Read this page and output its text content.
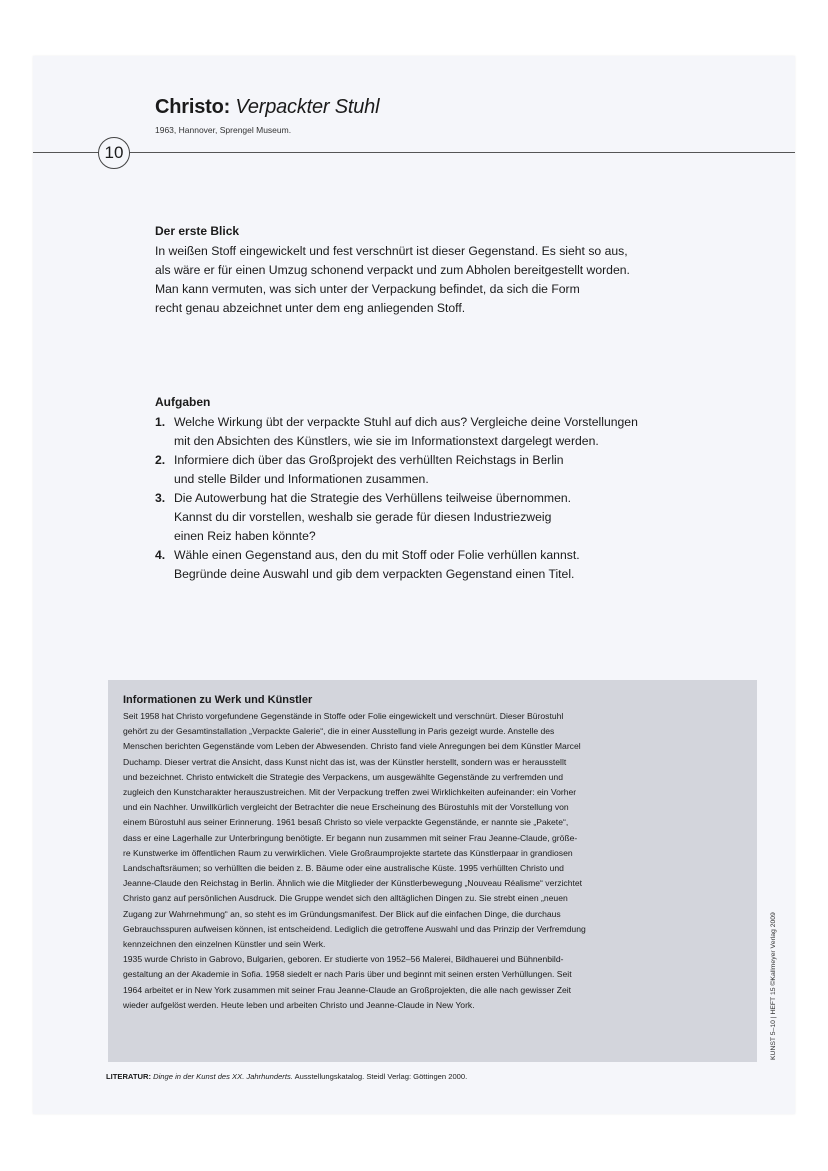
Christo: Verpackter Stuhl
1963, Hannover, Sprengel Museum.
10
Der erste Blick
In weißen Stoff eingewickelt und fest verschnürt ist dieser Gegenstand. Es sieht so aus,
als wäre er für einen Umzug schonend verpackt und zum Abholen bereitgestellt worden.
Man kann vermuten, was sich unter der Verpackung befindet, da sich die Form
recht genau abzeichnet unter dem eng anliegenden Stoff.
Aufgaben
1. Welche Wirkung übt der verpackte Stuhl auf dich aus? Vergleiche deine Vorstellungen
mit den Absichten des Künstlers, wie sie im Informationstext dargelegt werden.
2. Informiere dich über das Großprojekt des verhüllten Reichstags in Berlin
und stelle Bilder und Informationen zusammen.
3. Die Autowerbung hat die Strategie des Verhüllens teilweise übernommen.
Kannst du dir vorstellen, weshalb sie gerade für diesen Industriezweig
einen Reiz haben könnte?
4. Wähle einen Gegenstand aus, den du mit Stoff oder Folie verhüllen kannst.
Begründe deine Auswahl und gib dem verpackten Gegenstand einen Titel.
Informationen zu Werk und Künstler
Seit 1958 hat Christo vorgefundene Gegenstände in Stoffe oder Folie eingewickelt und verschnürt. Dieser Bürostuhl
gehört zu der Gesamtinstallation „Verpackte Galerie“, die in einer Ausstellung in Paris gezeigt wurde. Anstelle des
Menschen berichten Gegenstände vom Leben der Abwesenden. Christo fand viele Anregungen bei dem Künstler Marcel
Duchamp. Dieser vertrat die Ansicht, dass Kunst nicht das ist, was der Künstler herstellt, sondern was er herausstellt
und bezeichnet. Christo entwickelt die Strategie des Verpackens, um ausgewählte Gegenstände zu verfremden und
zugleich den Kunstcharakter herauszustreichen. Mit der Verpackung treffen zwei Wirklichkeiten aufeinander: ein Vorher
und ein Nachher. Unwillkürlich vergleicht der Betrachter die neue Erscheinung des Bürostuhls mit der Vorstellung von
einem Bürostuhl aus seiner Erinnerung. 1961 besaß Christo so viele verpackte Gegenstände, er nannte sie „Pakete“,
dass er eine Lagerhalle zur Unterbringung benötigte. Er begann nun zusammen mit seiner Frau Jeanne-Claude, größe-
re Kunstwerke im öffentlichen Raum zu verwirklichen. Viele Großraumprojekte startete das Künstlerpaar in grandiosen
Landschaftsräumen; so verhüllten die beiden z. B. Bäume oder eine australische Küste. 1995 verhüllten Christo und
Jeanne-Claude den Reichstag in Berlin. Ähnlich wie die Mitglieder der Künstlerbewegung „Nouveau Réalisme“ verzichtet
Christo ganz auf persönlichen Ausdruck. Die Gruppe wendet sich den alltäglichen Dingen zu. Sie strebt einen „neuen
Zugang zur Wahrnehmung“ an, so steht es im Gründungsmanifest. Der Blick auf die einfachen Dinge, die durchaus
Gebrauchsspuren aufweisen können, ist entscheidend. Lediglich die getroffene Auswahl und das Prinzip der Verfremdung
kennzeichnen den einzelnen Künstler und sein Werk.
1935 wurde Christo in Gabrovo, Bulgarien, geboren. Er studierte von 1952–56 Malerei, Bildhauerei und Bühnenbild-
gestaltung an der Akademie in Sofia. 1958 siedelt er nach Paris über und beginnt mit seinen ersten Verhüllungen. Seit
1964 arbeitet er in New York zusammen mit seiner Frau Jeanne-Claude an Großprojekten, die alle nach gewisser Zeit
wieder aufgelöst werden. Heute leben und arbeiten Christo und Jeanne-Claude in New York.
LITERATUR: Dinge in der Kunst des XX. Jahrhunderts. Ausstellungskatalog. Steidl Verlag: Göttingen 2000.
KUNST 5–10 | HEFT 15 ©Kallmeyer Verlag 2009
